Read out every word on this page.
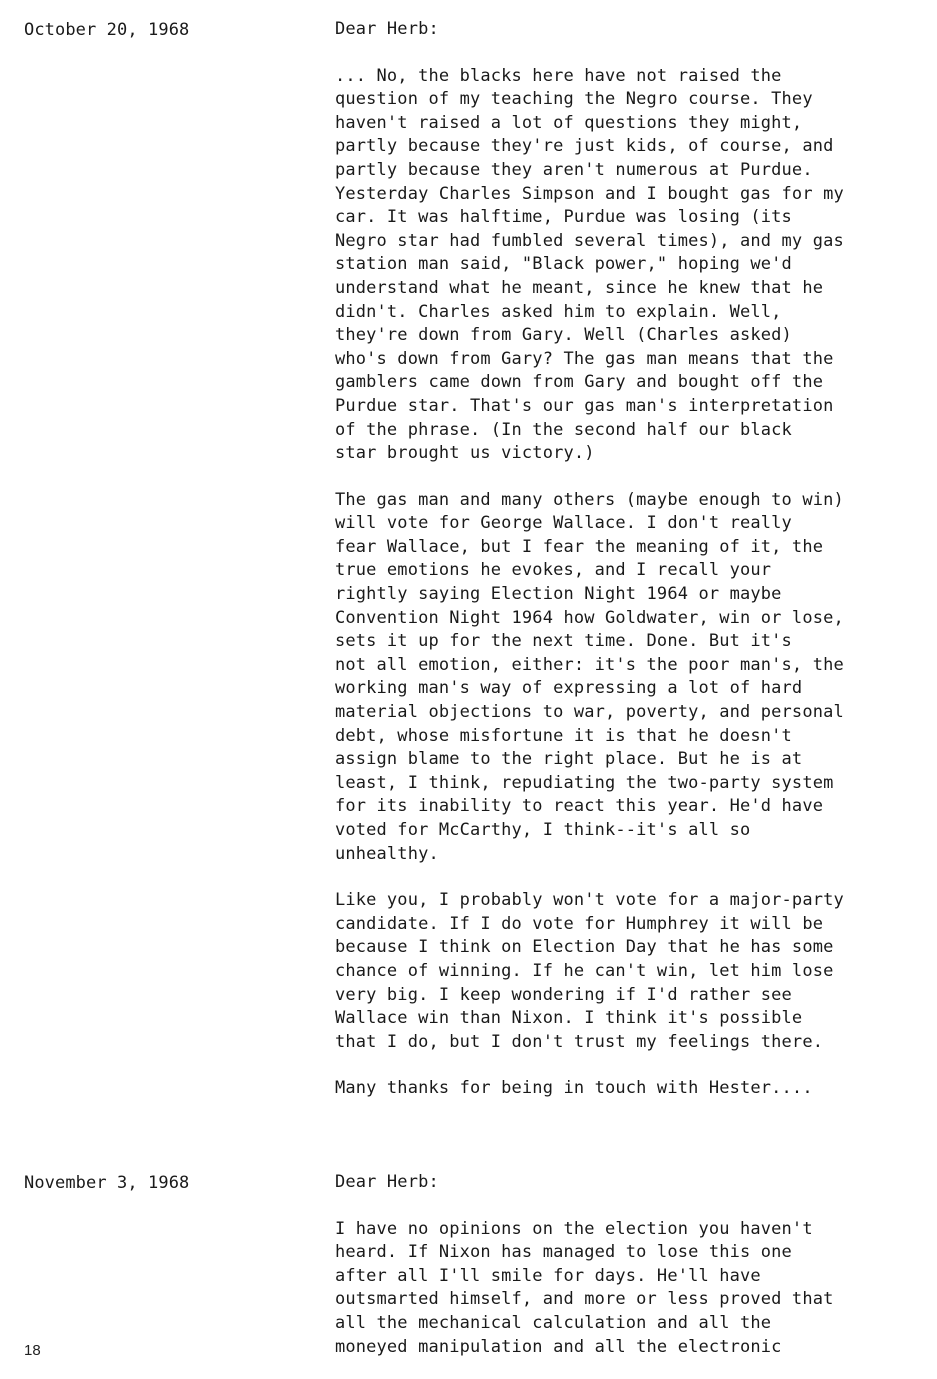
October 20, 1968	Dear Herb:
... No, the blacks here have not raised the
question of my teaching the Negro course. They
haven't raised a lot of questions they might,
partly because they're just kids, of course, and
partly because they aren't numerous at Purdue.
Yesterday Charles Simpson and I bought gas for my
car. It was halftime, Purdue was losing (its
Negro star had fumbled several times), and my gas
station man said, "Black power," hoping we'd
understand what he meant, since he knew that he
didn't. Charles asked him to explain. Well,
they're down from Gary. Well (Charles asked)
who's down from Gary? The gas man means that the
gamblers came down from Gary and bought off the
Purdue star. That's our gas man's interpretation
of the phrase. (In the second half our black
star brought us victory.)
The gas man and many others (maybe enough to win)
will vote for George Wallace. I don't really
fear Wallace, but I fear the meaning of it, the
true emotions he evokes, and I recall your
rightly saying Election Night 1964 or maybe
Convention Night 1964 how Goldwater, win or lose,
sets it up for the next time. Done. But it's
not all emotion, either: it's the poor man's, the
working man's way of expressing a lot of hard
material objections to war, poverty, and personal
debt, whose misfortune it is that he doesn't
assign blame to the right place. But he is at
least, I think, repudiating the two-party system
for its inability to react this year. He'd have
voted for McCarthy, I think--it's all so
unhealthy.
Like you, I probably won't vote for a major-party
candidate. If I do vote for Humphrey it will be
because I think on Election Day that he has some
chance of winning. If he can't win, let him lose
very big. I keep wondering if I'd rather see
Wallace win than Nixon. I think it's possible
that I do, but I don't trust my feelings there.
Many thanks for being in touch with Hester....
November 3, 1968	Dear Herb:
I have no opinions on the election you haven't
heard. If Nixon has managed to lose this one
after all I'll smile for days. He'll have
outsmarted himself, and more or less proved that
all the mechanical calculation and all the
moneyed manipulation and all the electronic
18
